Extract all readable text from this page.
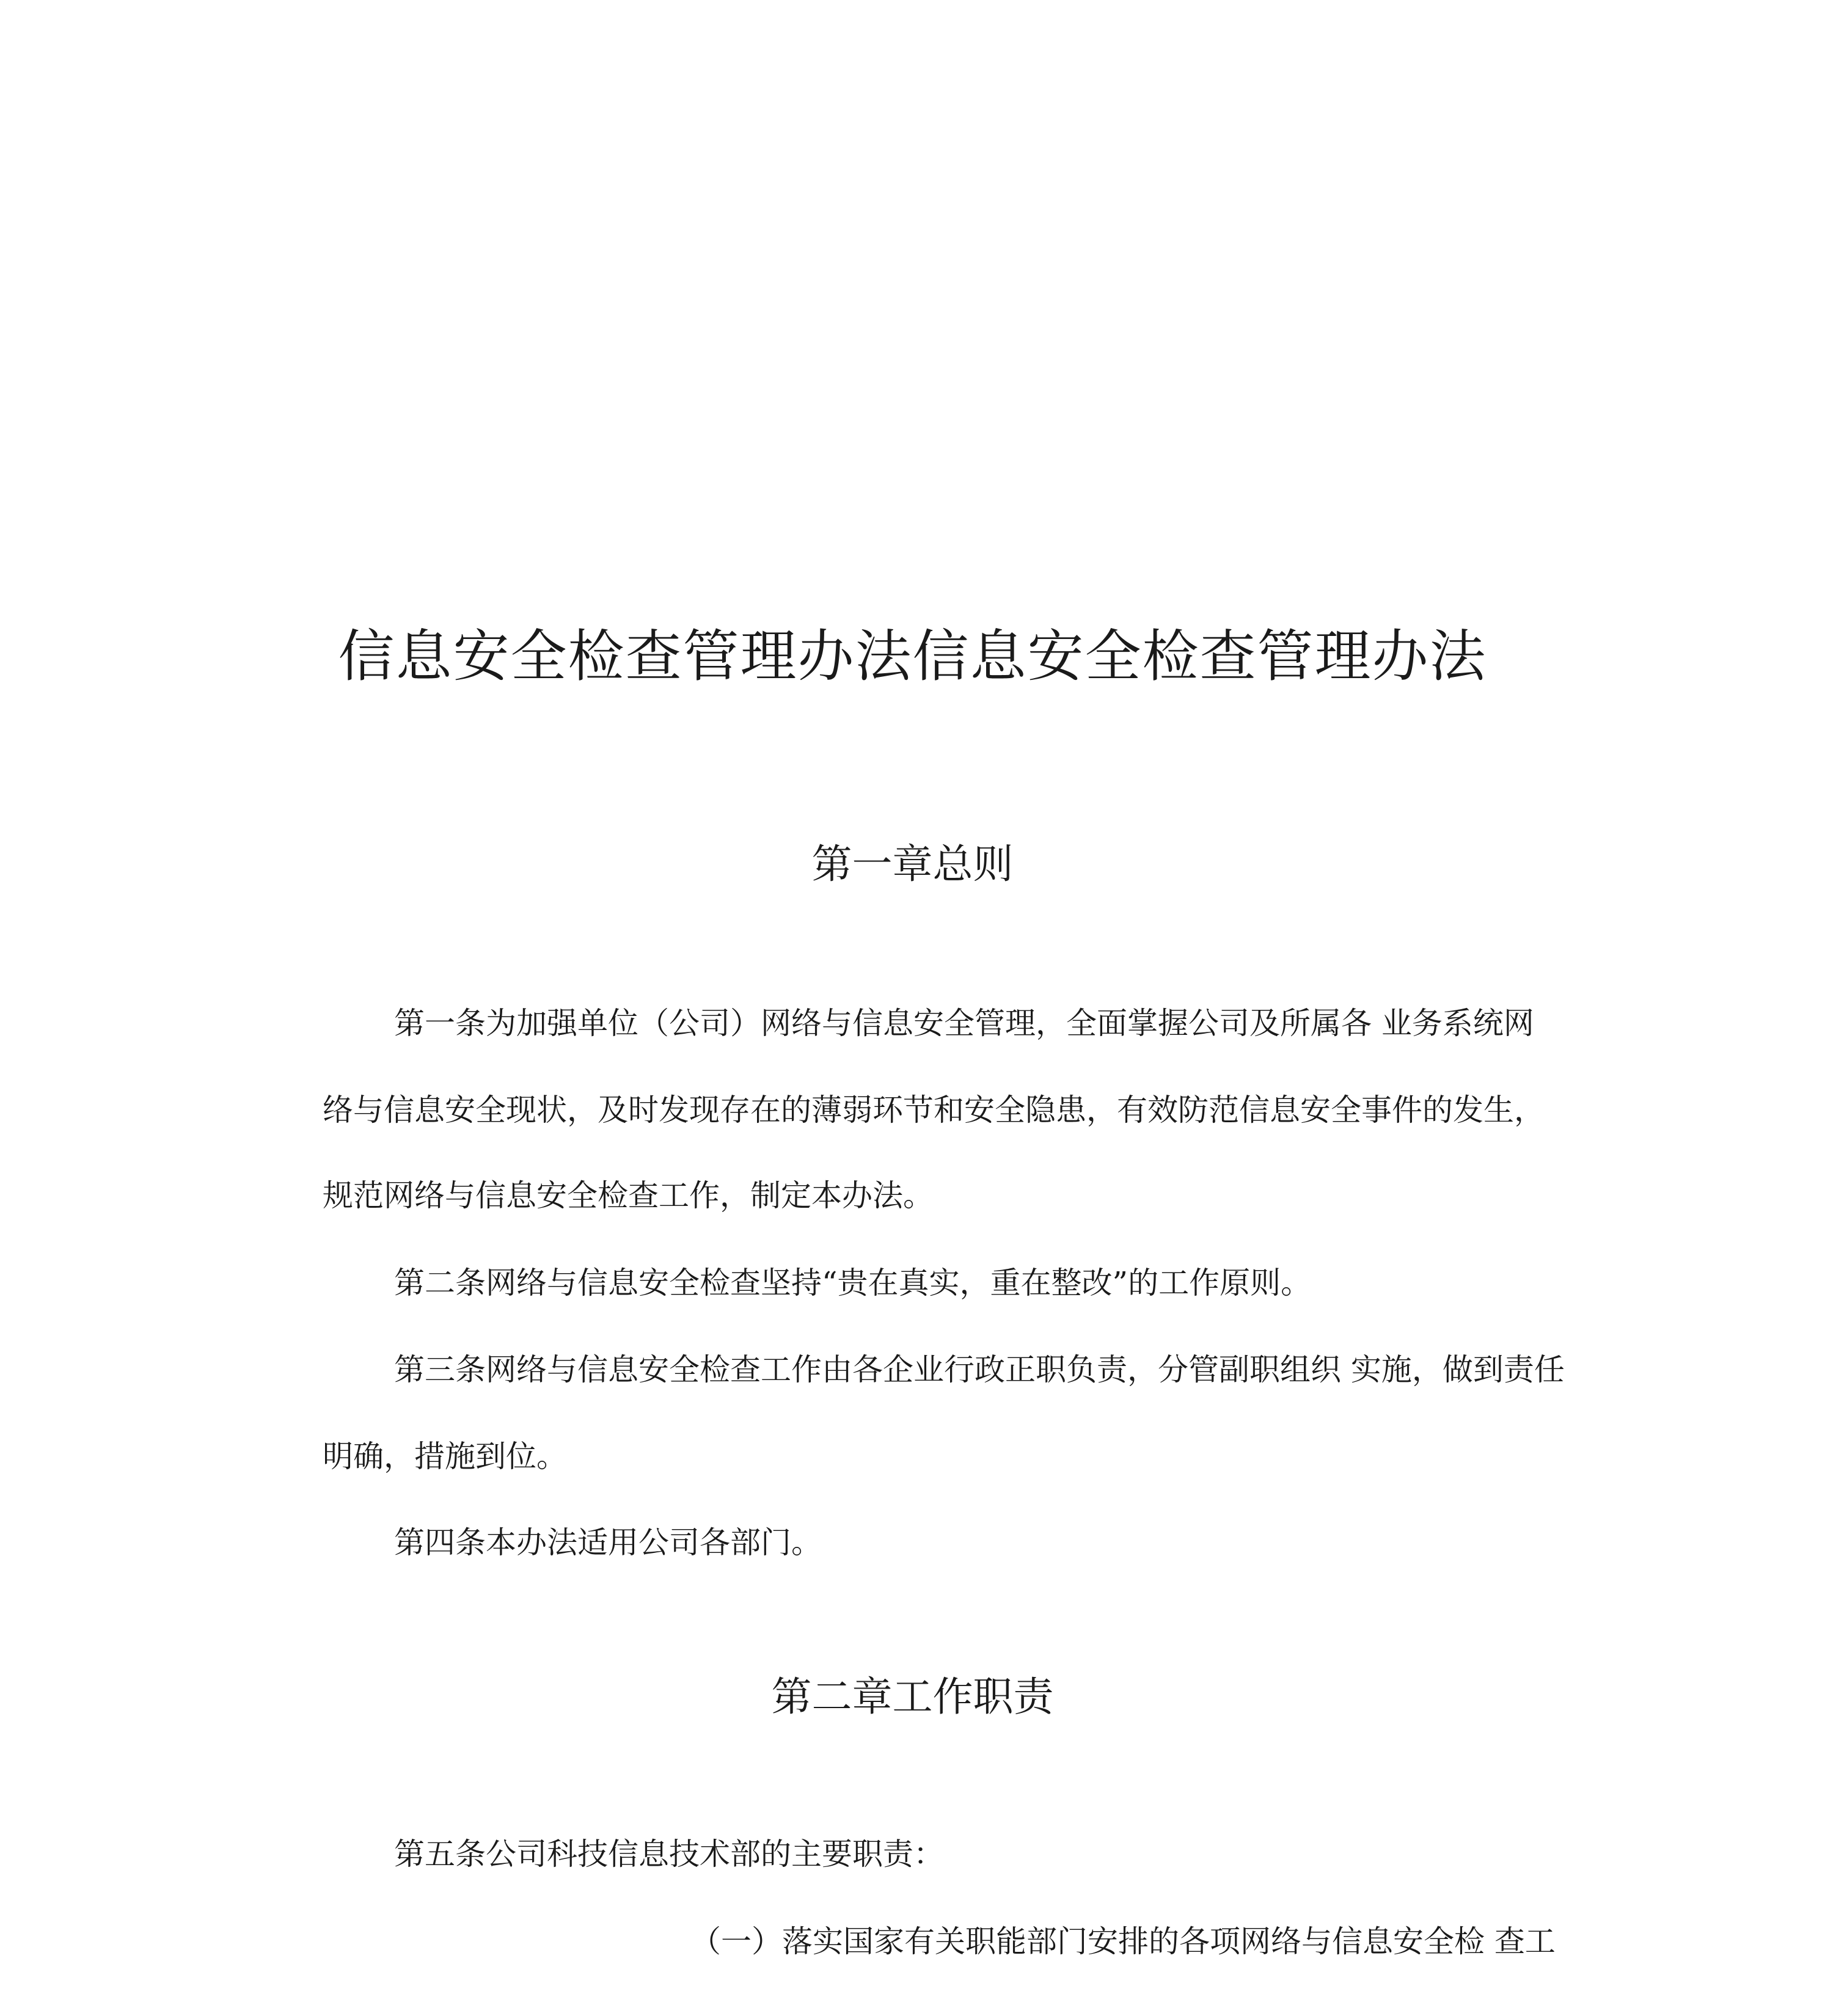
信息安全检查管理办法信息安全检查管理办法
第一章总则
第一条为加强单位（公司）网络与信息安全管理，全面掌握公司及所属各 业务系统网
络与信息安全现状，及时发现存在的薄弱环节和安全隐患，有效防范信息安全事件的发生，
规范网络与信息安全检查工作，制定本办法。
第二条网络与信息安全检查坚持“贵在真实，重在整改”的工作原则。
第三条网络与信息安全检查工作由各企业行政正职负责，分管副职组织 实施，做到责任
明确，措施到位。
第四条本办法适用公司各部门。
第二章工作职责
第五条公司科技信息技术部的主要职责：
（一）落实国家有关职能部门安排的各项网络与信息安全检 查工
